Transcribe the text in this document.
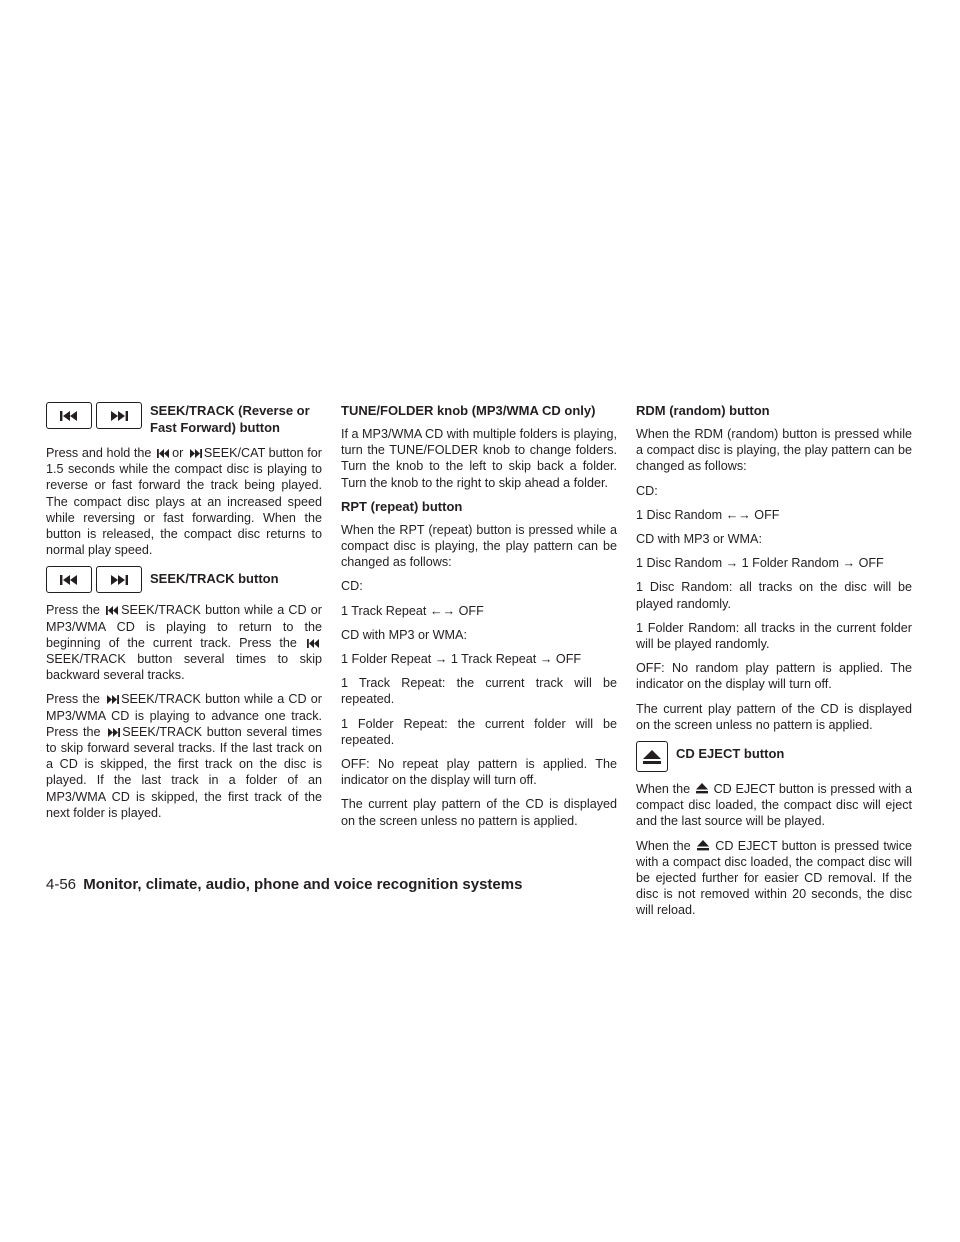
SEEK/TRACK (Reverse or
Fast Forward) button

Press and hold the or SEEK/CAT button for 1.5 seconds while the compact disc is playing to reverse or fast forward the track being played. The compact disc plays at an increased speed while reversing or fast forwarding. When the button is released, the compact disc returns to normal play speed.

SEEK/TRACK button

Press the SEEK/TRACK button while a CD or MP3/WMA CD is playing to return to the beginning of the current track. Press the
SEEK/TRACK button several times to skip backward several tracks.

Press the SEEK/TRACK button while a CD or MP3/WMA CD is playing to advance one track. Press the SEEK/TRACK button several times to skip forward several tracks. If the last track on a CD is skipped, the first track on the disc is played. If the last track in a folder of an MP3/WMA CD is skipped, the first track of the next folder is played.

TUNE/FOLDER knob (MP3/WMA CD only)

If a MP3/WMA CD with multiple folders is playing, turn the TUNE/FOLDER knob to change folders. Turn the knob to the left to skip back a folder. Turn the knob to the right to skip ahead a folder.

RPT (repeat) button

When the RPT (repeat) button is pressed while a compact disc is playing, the play pattern can be changed as follows:

CD:

1 Track Repeat ←→ OFF

CD with MP3 or WMA:

1 Folder Repeat → 1 Track Repeat → OFF

1 Track Repeat: the current track will be repeated.

1 Folder Repeat: the current folder will be repeated.

OFF: No repeat play pattern is applied. The indicator on the display will turn off.

The current play pattern of the CD is displayed on the screen unless no pattern is applied.

RDM (random) button

When the RDM (random) button is pressed while a compact disc is playing, the play pattern can be changed as follows:

CD:

1 Disc Random ←→ OFF

CD with MP3 or WMA:

1 Disc Random → 1 Folder Random → OFF

1 Disc Random: all tracks on the disc will be played randomly.

1 Folder Random: all tracks in the current folder will be played randomly.

OFF: No random play pattern is applied. The indicator on the display will turn off.

The current play pattern of the CD is displayed on the screen unless no pattern is applied.

CD EJECT button

When the CD EJECT button is pressed with a compact disc loaded, the compact disc will eject and the last source will be played.

When the CD EJECT button is pressed twice with a compact disc loaded, the compact disc will be ejected further for easier CD removal. If the disc is not removed within 20 seconds, the disc will reload.

4-56 Monitor, climate, audio, phone and voice recognition systems
